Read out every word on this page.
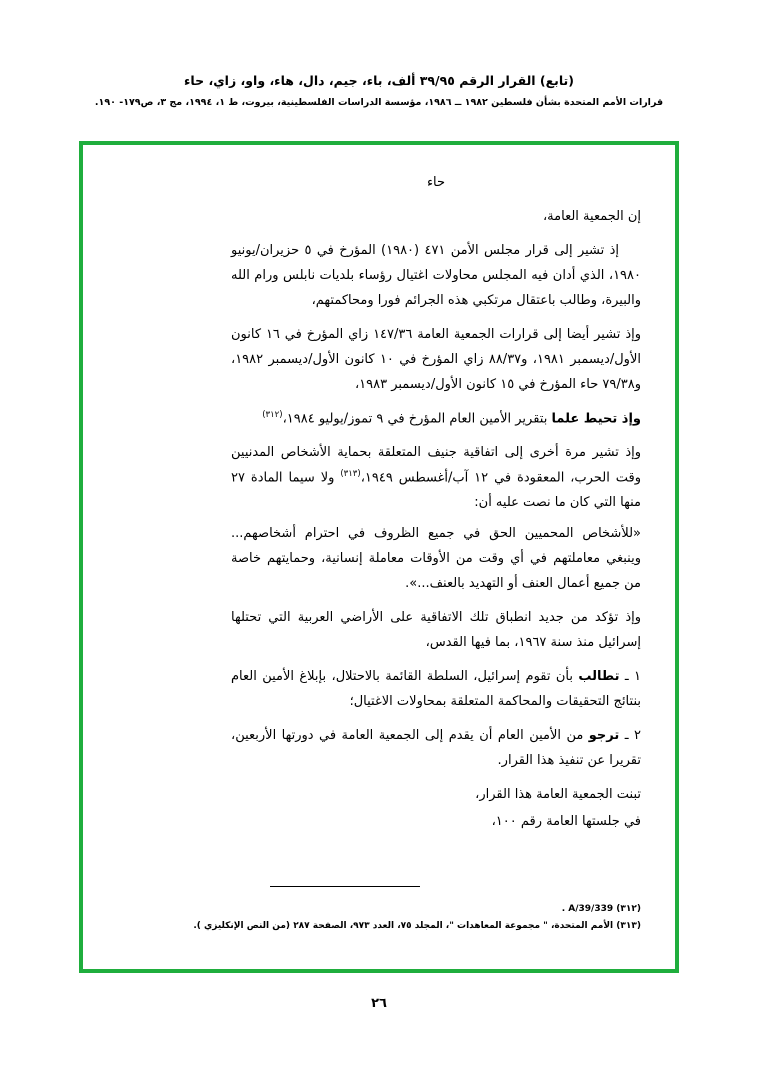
(تابع) القرار الرقم ٣٩/٩٥ ألف، باء، جيم، دال، هاء، واو، زاي، حاء
قرارات الأمم المتحدة بشأن فلسطين ١٩٨٢ ــ ١٩٨٦، مؤسسة الدراسات الفلسطينية، بيروت، ط ١، ١٩٩٤، مج ٣، ص١٧٩- ١٩٠.
حاء
إن الجمعية العامة،
إذ تشير إلى قرار مجلس الأمن ٤٧١ (١٩٨٠) المؤرخ في ٥ حزيران/يونيو ١٩٨٠، الذي أدان فيه المجلس محاولات اغتيال رؤساء بلديات نابلس ورام الله والبيرة، وطالب باعتقال مرتكبي هذه الجرائم فورا ومحاكمتهم،
وإذ تشير أيضا إلى قرارات الجمعية العامة ١٤٧/٣٦ زاي المؤرخ في ١٦ كانون الأول/ديسمبر ١٩٨١، و٨٨/٣٧ زاي المؤرخ في ١٠ كانون الأول/ديسمبر ١٩٨٢، و٧٩/٣٨ حاء المؤرخ في ١٥ كانون الأول/ديسمبر ١٩٨٣،
وإذ تحيط علما بتقرير الأمين العام المؤرخ في ٩ تموز/يوليو ١٩٨٤،$^{(٣١٢)}$
وإذ تشير مرة أخرى إلى اتفاقية جنيف المتعلقة بحماية الأشخاص المدنيين وقت الحرب، المعقودة في ١٢ آب/أغسطس ١٩٤٩،$^{(٣١٣)}$ ولا سيما المادة ٢٧ منها التي كان ما نصت عليه أن:
«للأشخاص المحميين الحق في جميع الظروف في احترام أشخاصهم... وينبغي معاملتهم في أي وقت من الأوقات معاملة إنسانية، وحمايتهم خاصة من جميع أعمال العنف أو التهديد بالعنف...».
وإذ تؤكد من جديد انطباق تلك الاتفاقية على الأراضي العربية التي تحتلها إسرائيل منذ سنة ١٩٦٧، بما فيها القدس،
١ ـ تطالب بأن تقوم إسرائيل، السلطة القائمة بالاحتلال، بإبلاغ الأمين العام بنتائج التحقيقات والمحاكمة المتعلقة بمحاولات الاغتيال؛
٢ ـ ترجو من الأمين العام أن يقدم إلى الجمعية العامة في دورتها الأربعين، تقريرا عن تنفيذ هذا القرار.
تبنت الجمعية العامة هذا القرار،
في جلستها العامة رقم ١٠٠،
(٣١٢) A/39/339 .
(٣١٣) الأمم المتحدة، " مجموعة المعاهدات "، المجلد ٧٥، العدد ٩٧٣، الصفحة ٢٨٧ (من النص الإنكليزي ).
٢٦
